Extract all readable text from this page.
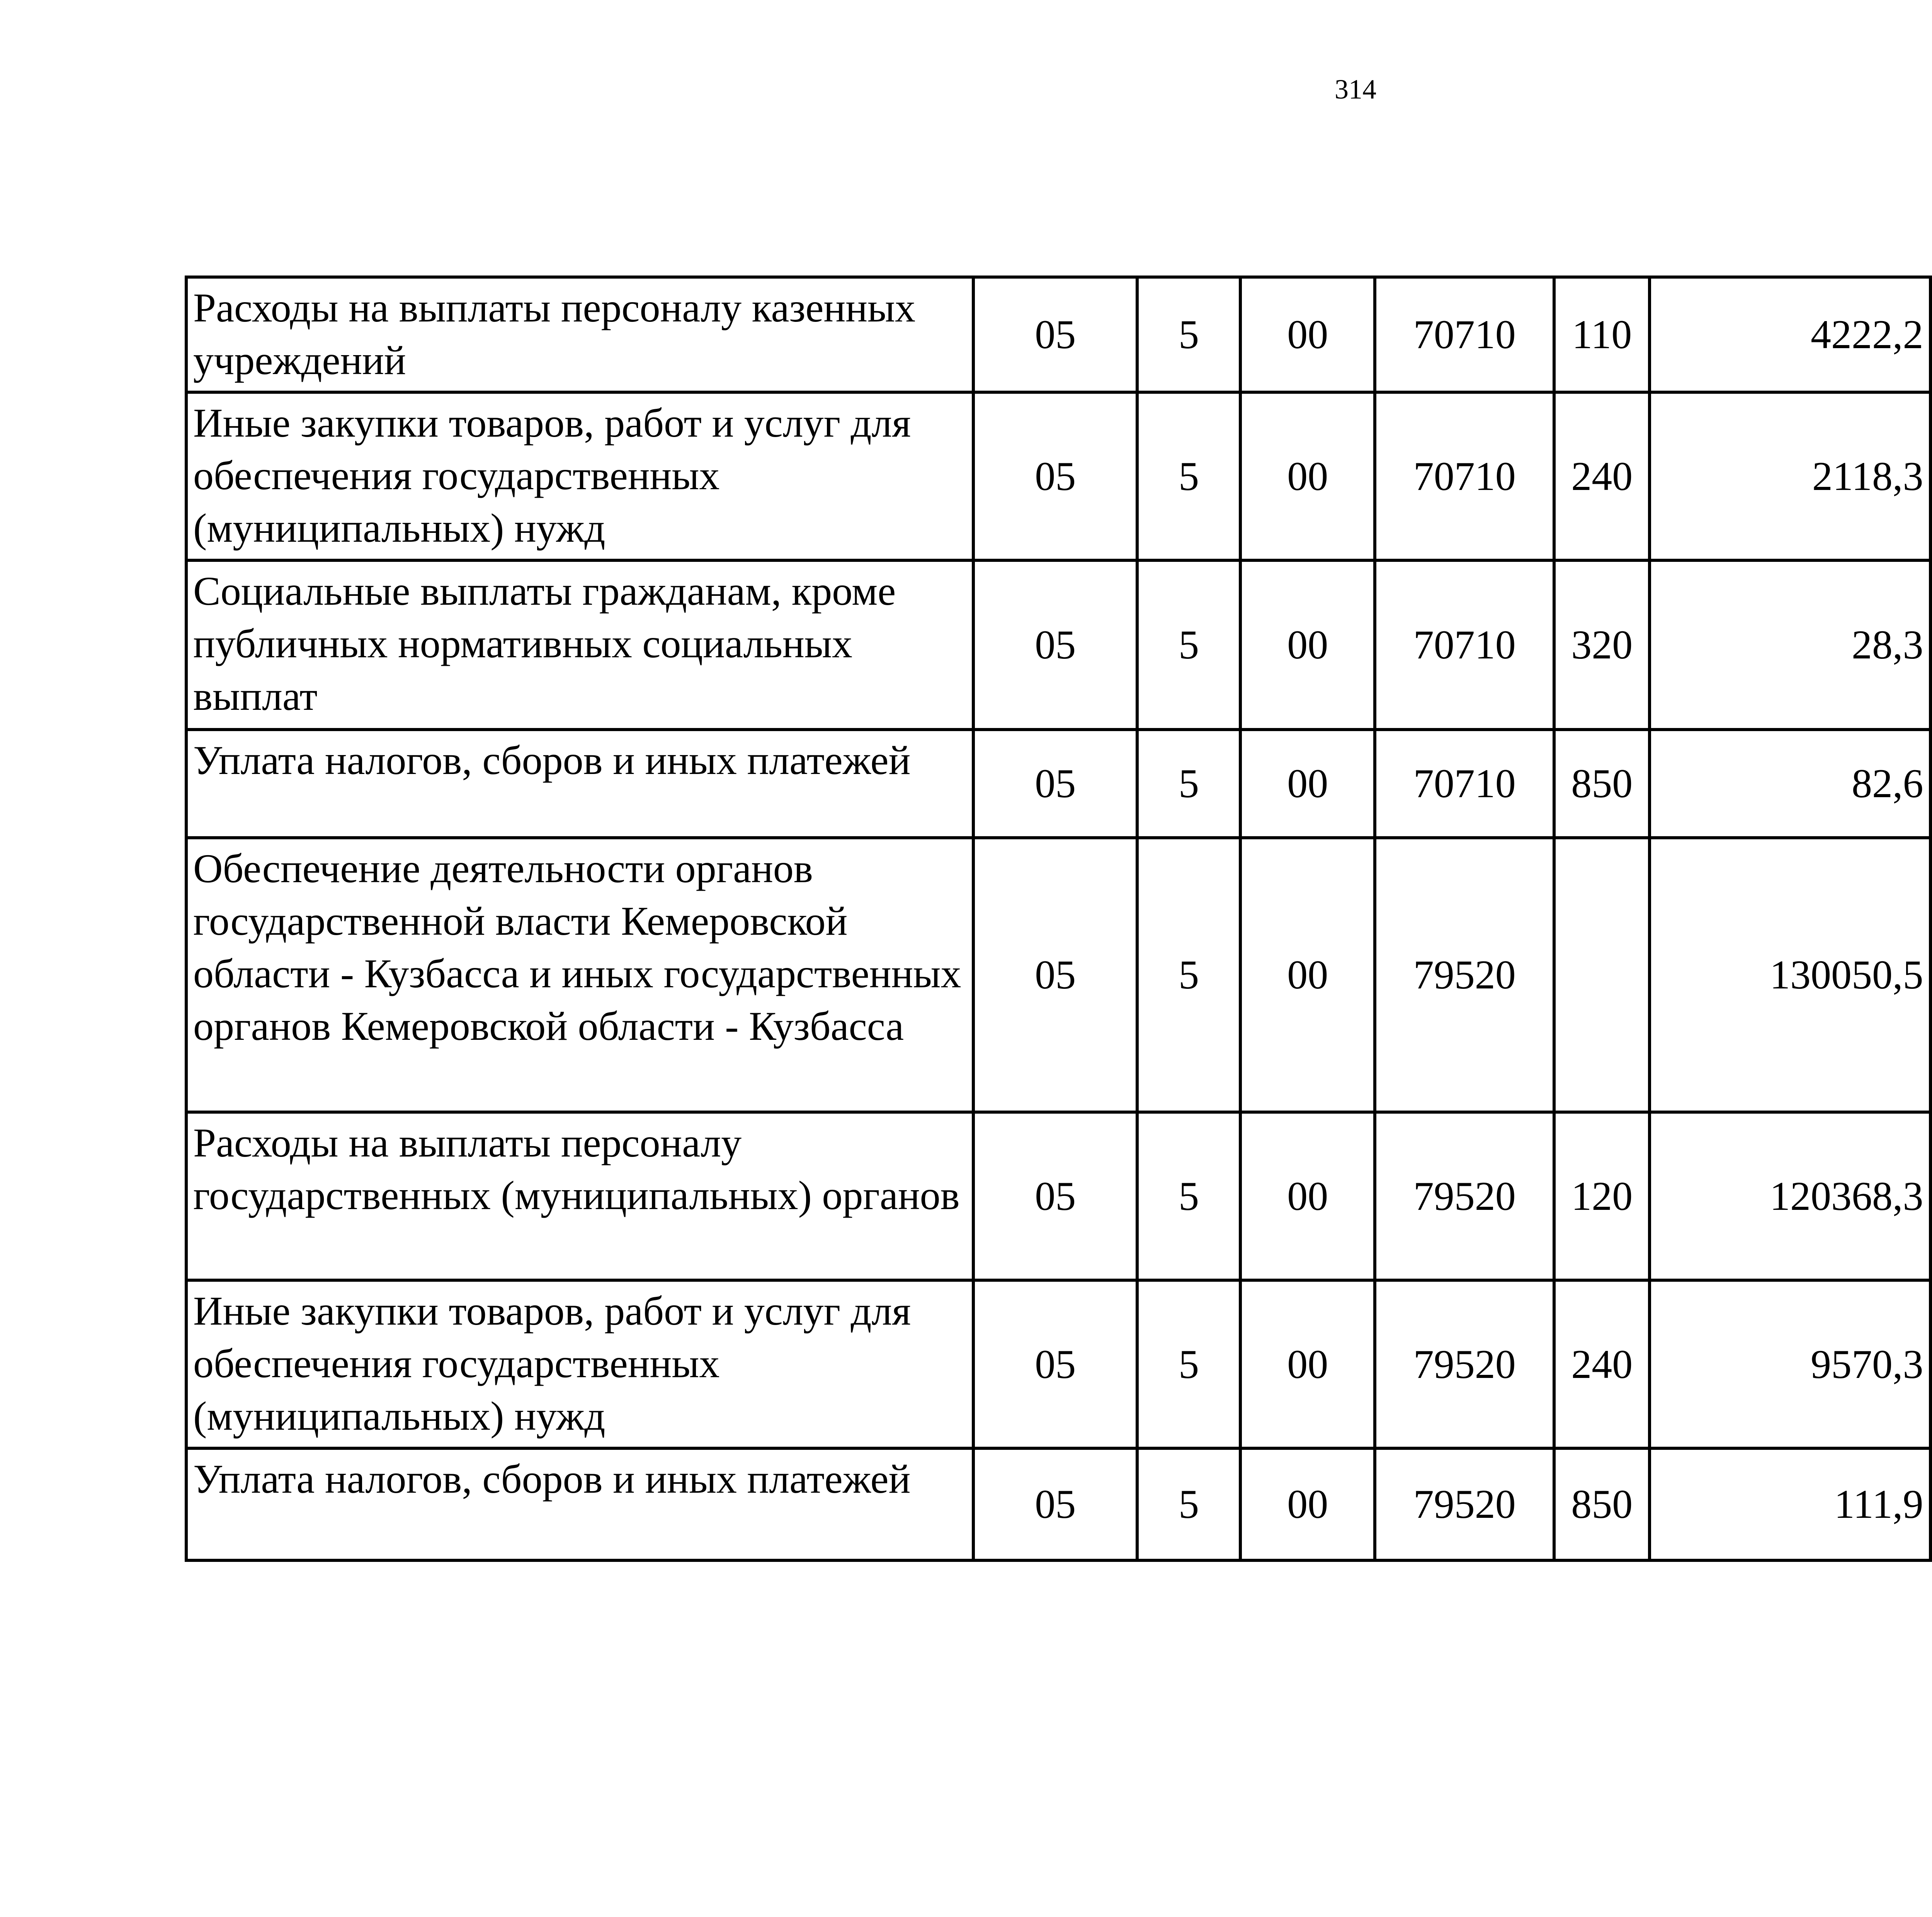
314
Расходы на выплаты персоналу казенных учреждений	05	5	00	70710	110	4222,2		
Иные закупки товаров, работ и услуг для обеспечения государственных (муниципальных) нужд	05	5	00	70710	240	2118,3		
Социальные выплаты гражданам, кроме публичных нормативных социальных выплат	05	5	00	70710	320	28,3		
Уплата налогов, сборов и иных платежей	05	5	00	70710	850	82,6		
Обеспечение деятельности органов государственной власти Кемеровской области - Кузбасса и иных государственных органов Кемеровской области - Кузбасса	05	5	00	79520		130050,5		
Расходы на выплаты персоналу государственных (муниципальных) органов	05	5	00	79520	120	120368,3		
Иные закупки товаров, работ и услуг для обеспечения государственных (муниципальных) нужд	05	5	00	79520	240	9570,3		
Уплата налогов, сборов и иных платежей	05	5	00	79520	850	111,9		
